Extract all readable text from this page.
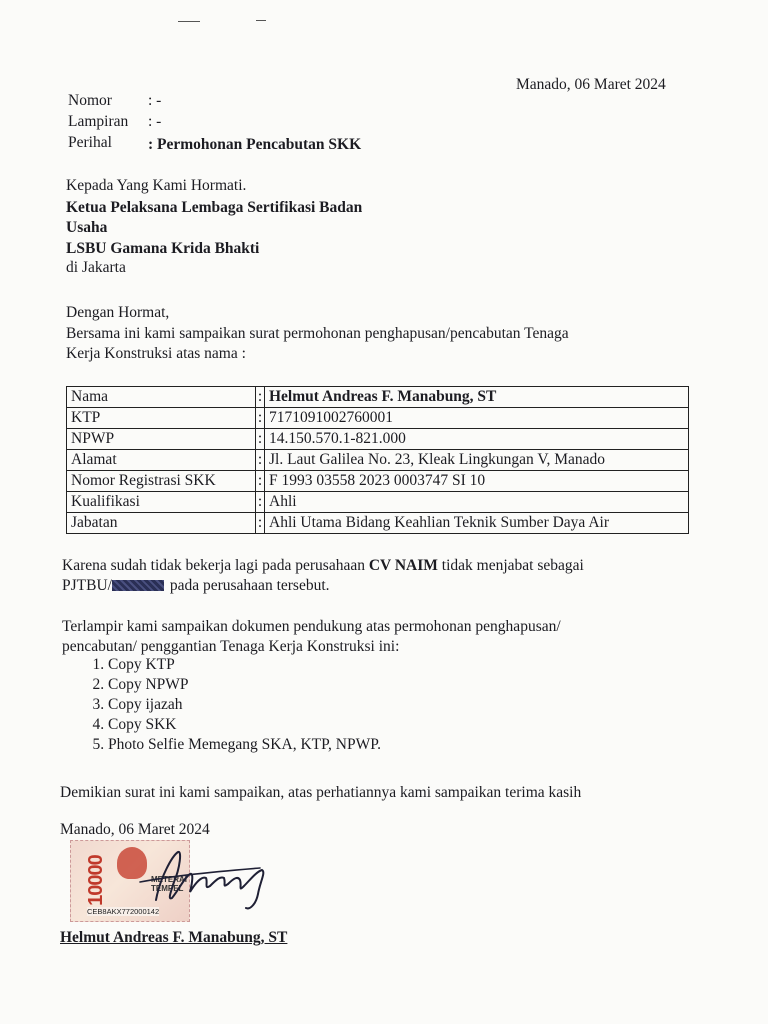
Manado, 06 Maret 2024
Nomor : -
Lampiran : -
Perihal : Permohonan Pencabutan SKK
Kepada Yang Kami Hormati.
Ketua Pelaksana Lembaga Sertifikasi Badan
Usaha
LSBU Gamana Krida Bhakti
di Jakarta
Dengan Hormat,
Bersama ini kami sampaikan surat permohonan penghapusan/pencabutan Tenaga
Kerja Konstruksi atas nama :
Nama	:	Helmut Andreas F. Manabung, ST
KTP	:	7171091002760001
NPWP	:	14.150.570.1-821.000
Alamat	:	Jl. Laut Galilea No. 23, Kleak Lingkungan V, Manado
Nomor Registrasi SKK	:	F 1993 03558 2023 0003747 SI 10
Kualifikasi	:	Ahli
Jabatan	:	Ahli Utama Bidang Keahlian Teknik Sumber Daya Air
Karena sudah tidak bekerja lagi pada perusahaan CV NAIM tidak menjabat sebagai
PJTBU/	pada perusahaan tersebut.
Terlampir kami sampaikan dokumen pendukung atas permohonan penghapusan/
pencabutan/ penggantian Tenaga Kerja Konstruksi ini:
1. Copy KTP
2. Copy NPWP
3. Copy ijazah
4. Copy SKK
5. Photo Selfie Memegang SKA, KTP, NPWP.
Demikian surat ini kami sampaikan, atas perhatiannya kami sampaikan terima kasih
Manado, 06 Maret 2024
10000	METERAI
TEMPEL
CEB8AKX772000142
Helmut Andreas F. Manabung, ST
